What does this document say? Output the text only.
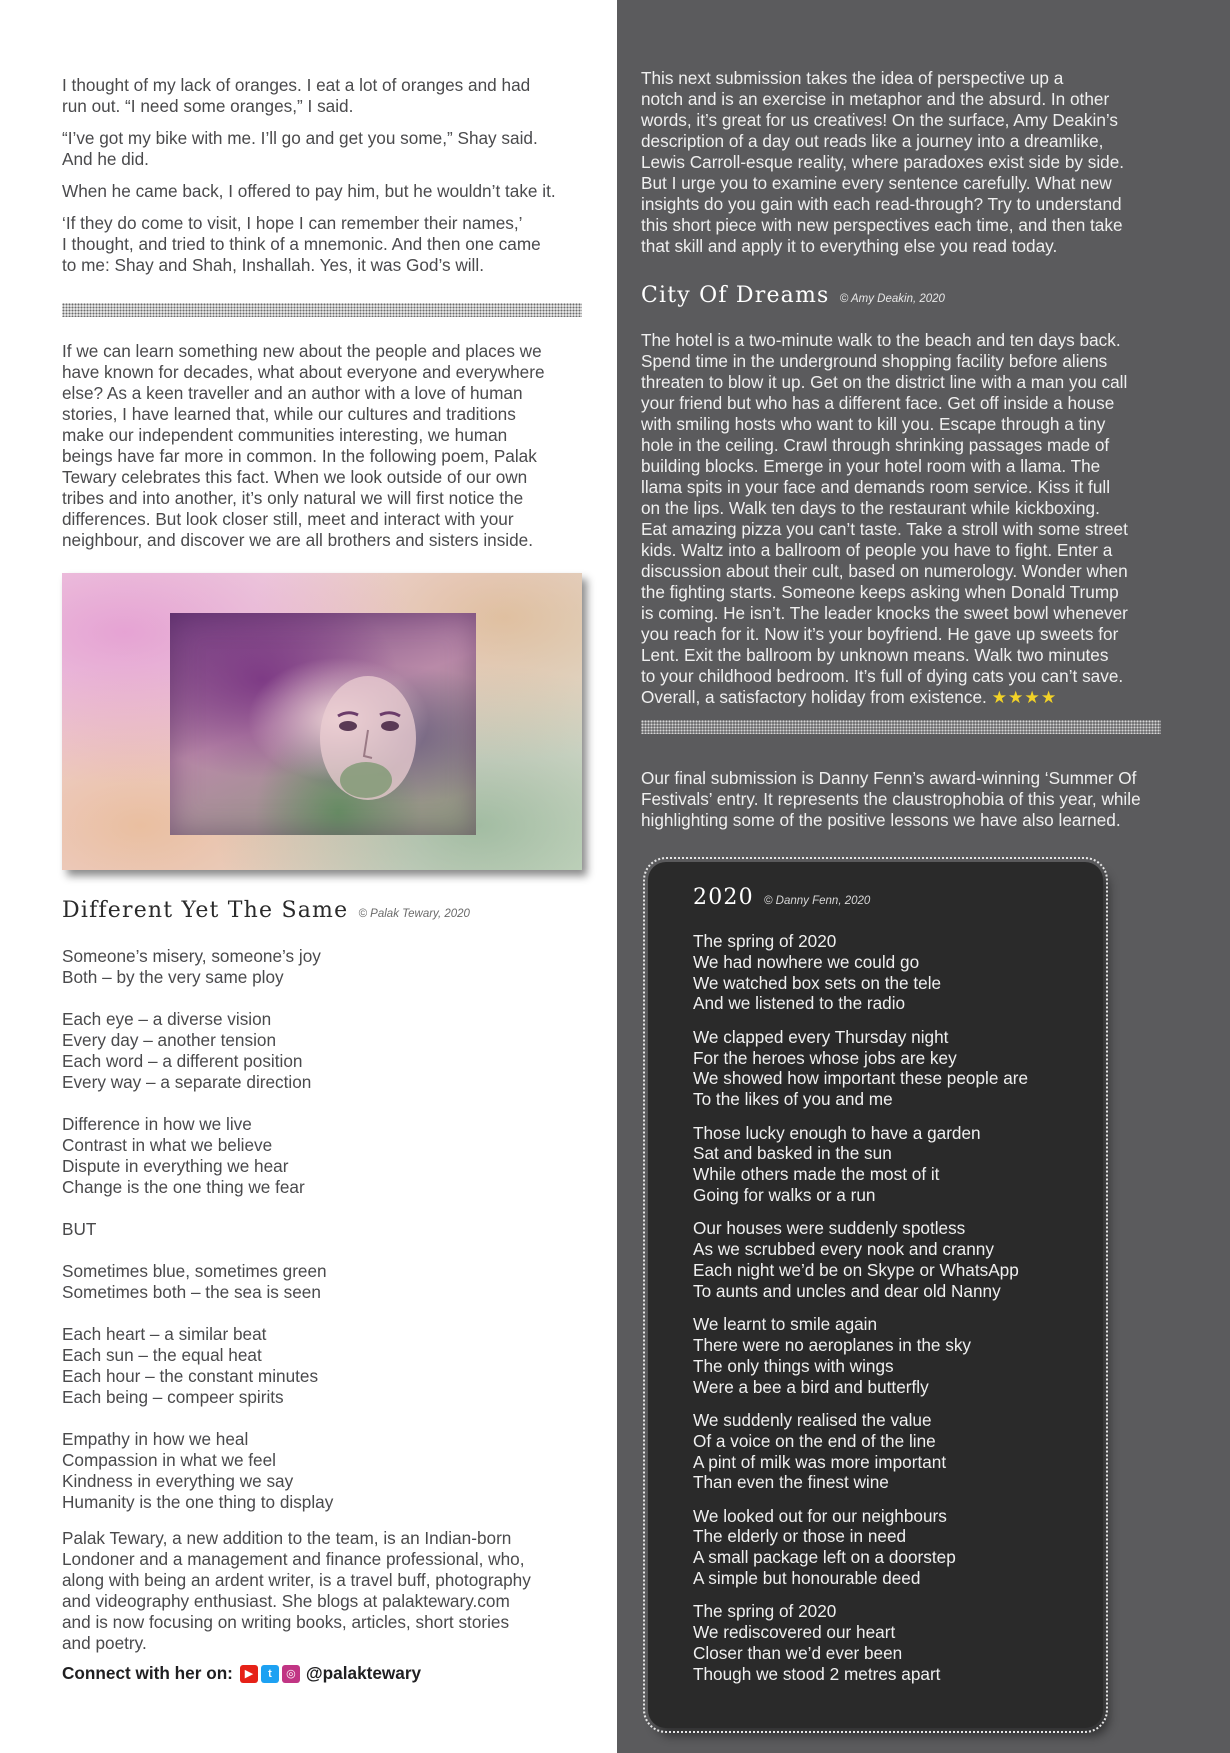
I thought of my lack of oranges. I eat a lot of oranges and had
run out. “I need some oranges,” I said.

“I’ve got my bike with me. I’ll go and get you some,” Shay said.
And he did.

When he came back, I offered to pay him, but he wouldn’t take it.

‘If they do come to visit, I hope I can remember their names,’
I thought, and tried to think of a mnemonic. And then one came
to me: Shay and Shah, Inshallah. Yes, it was God’s will.

If we can learn something new about the people and places we
have known for decades, what about everyone and everywhere
else? As a keen traveller and an author with a love of human
stories, I have learned that, while our cultures and traditions
make our independent communities interesting, we human
beings have far more in common. In the following poem, Palak
Tewary celebrates this fact. When we look outside of our own
tribes and into another, it’s only natural we will first notice the
differences. But look closer still, meet and interact with your
neighbour, and discover we are all brothers and sisters inside.
Different Yet The Same © Palak Tewary, 2020
Someone’s misery, someone’s joy
Both – by the very same ploy
Each eye – a diverse vision
Every day – another tension
Each word – a different position
Every way – a separate direction
Difference in how we live
Contrast in what we believe
Dispute in everything we hear
Change is the one thing we fear
BUT
Sometimes blue, sometimes green
Sometimes both – the sea is seen
Each heart – a similar beat
Each sun – the equal heat
Each hour – the constant minutes
Each being – compeer spirits
Empathy in how we heal
Compassion in what we feel
Kindness in everything we say
Humanity is the one thing to display
Palak Tewary, a new addition to the team, is an Indian-born
Londoner and a management and finance professional, who,
along with being an ardent writer, is a travel buff, photography
and videography enthusiast. She blogs at palaktewary.com
and is now focusing on writing books, articles, short stories
and poetry.
Connect with her on:	▶	t	◎ @palaktewary
This next submission takes the idea of perspective up a
notch and is an exercise in metaphor and the absurd. In other
words, it’s great for us creatives! On the surface, Amy Deakin’s
description of a day out reads like a journey into a dreamlike,
Lewis Carroll-esque reality, where paradoxes exist side by side.
But I urge you to examine every sentence carefully. What new
insights do you gain with each read-through? Try to understand
this short piece with new perspectives each time, and then take
that skill and apply it to everything else you read today.
City Of Dreams © Amy Deakin, 2020
The hotel is a two-minute walk to the beach and ten days back.
Spend time in the underground shopping facility before aliens
threaten to blow it up. Get on the district line with a man you call
your friend but who has a different face. Get off inside a house
with smiling hosts who want to kill you. Escape through a tiny
hole in the ceiling. Crawl through shrinking passages made of
building blocks. Emerge in your hotel room with a llama. The
llama spits in your face and demands room service. Kiss it full
on the lips. Walk ten days to the restaurant while kickboxing.
Eat amazing pizza you can’t taste. Take a stroll with some street
kids. Waltz into a ballroom of people you have to fight. Enter a
discussion about their cult, based on numerology. Wonder when
the fighting starts. Someone keeps asking when Donald Trump
is coming. He isn’t. The leader knocks the sweet bowl whenever
you reach for it. Now it’s your boyfriend. He gave up sweets for
Lent. Exit the ballroom by unknown means. Walk two minutes
to your childhood bedroom. It’s full of dying cats you can’t save.
Overall, a satisfactory holiday from existence. ★★★★
Our final submission is Danny Fenn’s award-winning ‘Summer Of
Festivals’ entry. It represents the claustrophobia of this year, while
highlighting some of the positive lessons we have also learned.
2020 © Danny Fenn, 2020
The spring of 2020
We had nowhere we could go
We watched box sets on the tele
And we listened to the radio
We clapped every Thursday night
For the heroes whose jobs are key
We showed how important these people are
To the likes of you and me
Those lucky enough to have a garden
Sat and basked in the sun
While others made the most of it
Going for walks or a run
Our houses were suddenly spotless
As we scrubbed every nook and cranny
Each night we’d be on Skype or WhatsApp
To aunts and uncles and dear old Nanny
We learnt to smile again
There were no aeroplanes in the sky
The only things with wings
Were a bee a bird and butterfly
We suddenly realised the value
Of a voice on the end of the line
A pint of milk was more important
Than even the finest wine
We looked out for our neighbours
The elderly or those in need
A small package left on a doorstep
A simple but honourable deed
The spring of 2020
We rediscovered our heart
Closer than we’d ever been
Though we stood 2 metres apart
